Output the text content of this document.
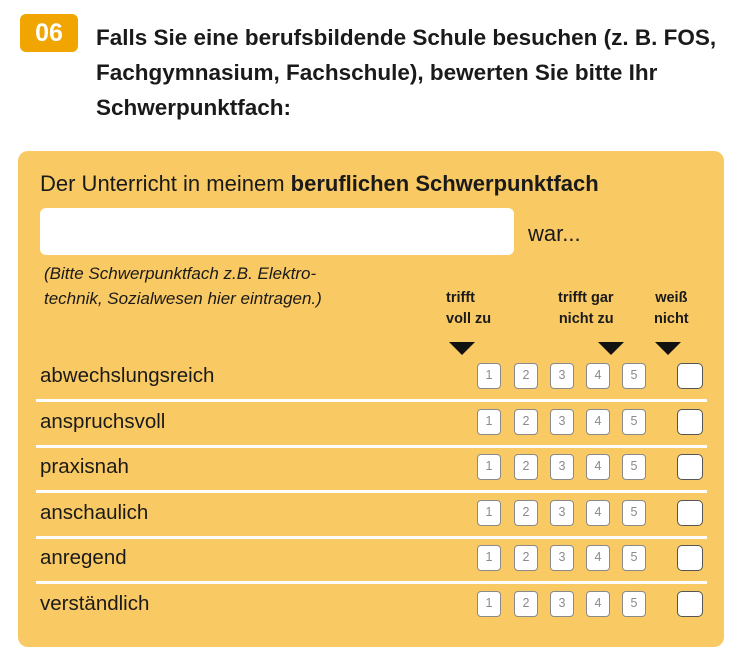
06	Falls Sie eine berufsbildende Schule besuchen (z. B. FOS, Fachgymnasium, Fachschule), bewerten Sie bitte Ihr Schwerpunktfach:
Der Unterricht in meinem beruflichen Schwerpunktfach
war...
(Bitte Schwerpunktfach z.B. Elektro-
technik, Sozialwesen hier eintragen.)	trifft
voll zu
trifft gar
nicht zu
weiß
nicht
abwechslungsreich	1	2	3	4	5
anspruchsvoll	1	2	3	4	5
praxisnah	1	2	3	4	5
anschaulich	1	2	3	4	5
anregend	1	2	3	4	5
verständlich	1	2	3	4	5
